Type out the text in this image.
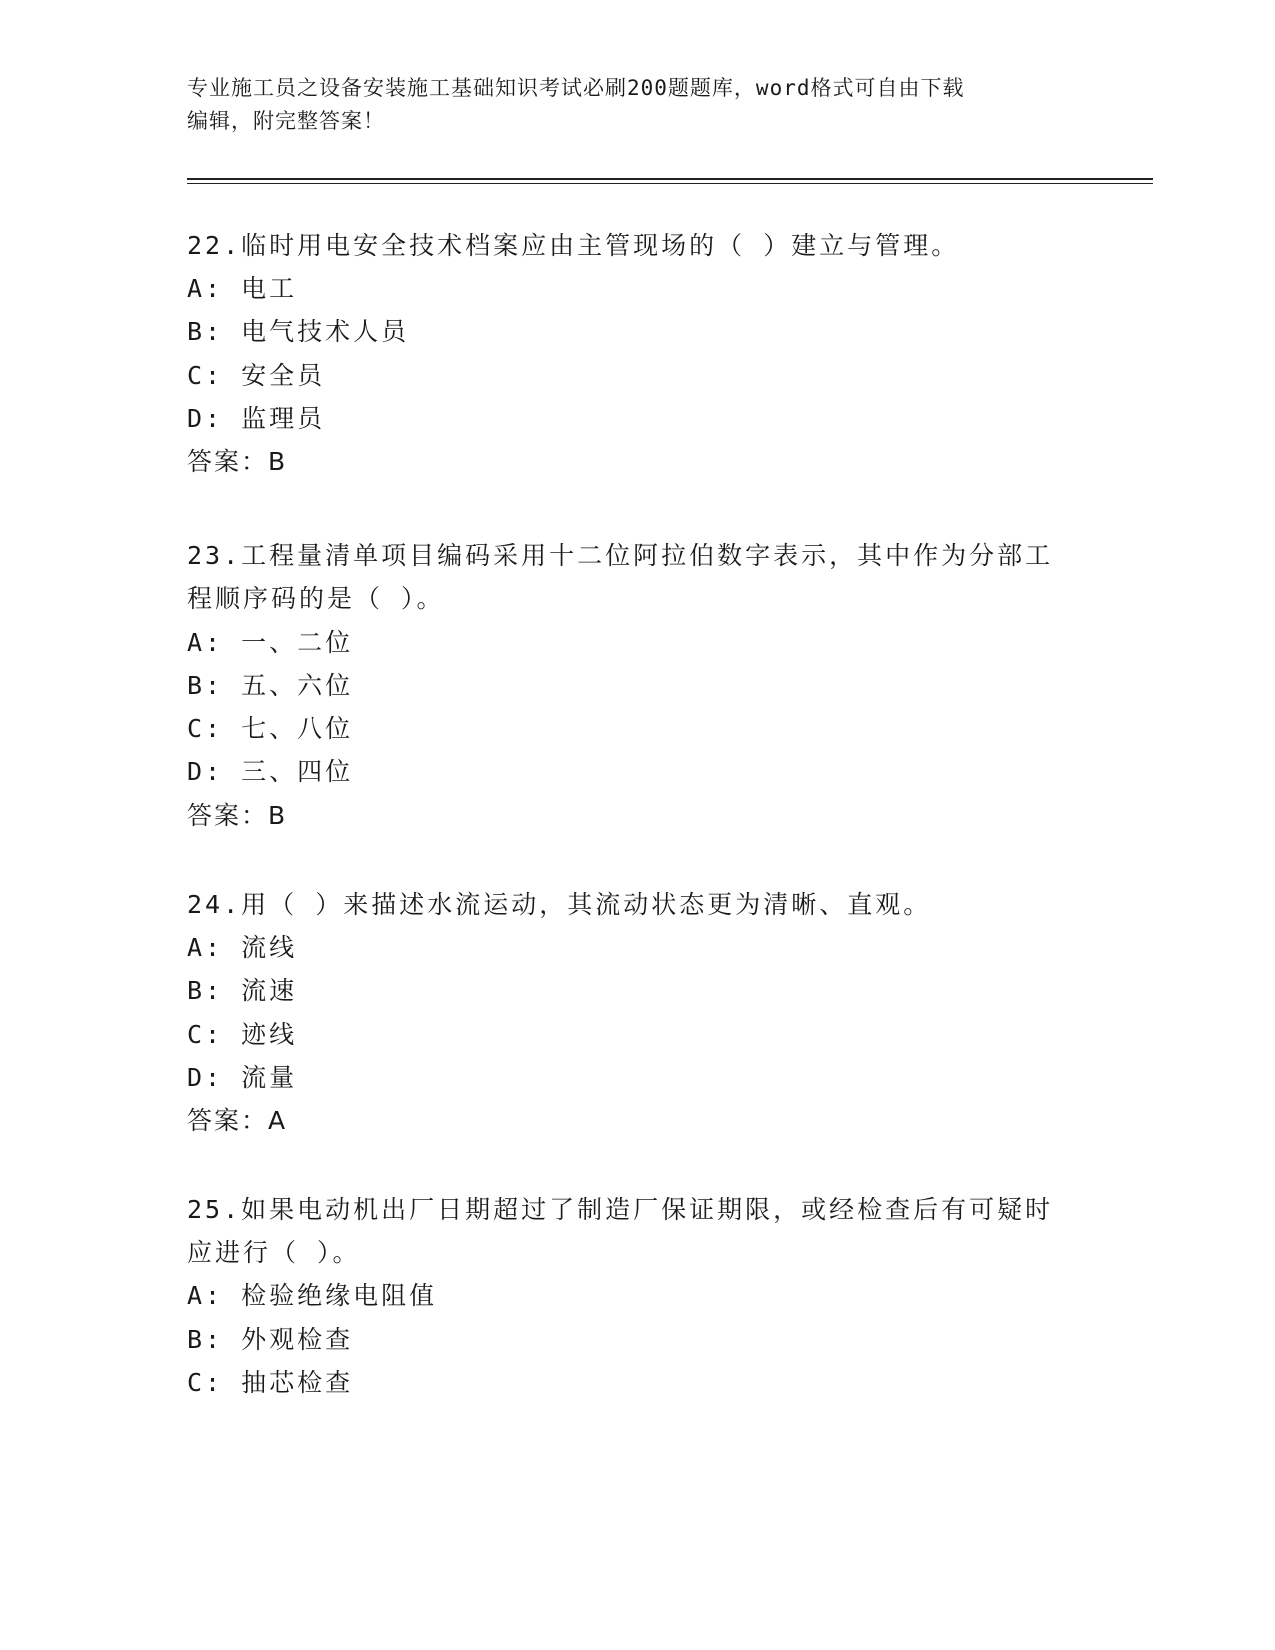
专业施工员之设备安装施工基础知识考试必刷200题题库，word格式可自由下载
编辑，附完整答案！
22.临时用电安全技术档案应由主管现场的（ ）建立与管理。
A: 电工
B: 电气技术人员
C: 安全员
D: 监理员
答案：B
23.工程量清单项目编码采用十二位阿拉伯数字表示，其中作为分部工
程顺序码的是（ ）。
A: 一、二位
B: 五、六位
C: 七、八位
D: 三、四位
答案：B
24.用（ ）来描述水流运动，其流动状态更为清晰、直观。
A: 流线
B: 流速
C: 迹线
D: 流量
答案：A
25.如果电动机出厂日期超过了制造厂保证期限，或经检查后有可疑时
应进行（ ）。
A: 检验绝缘电阻值
B: 外观检查
C: 抽芯检查
